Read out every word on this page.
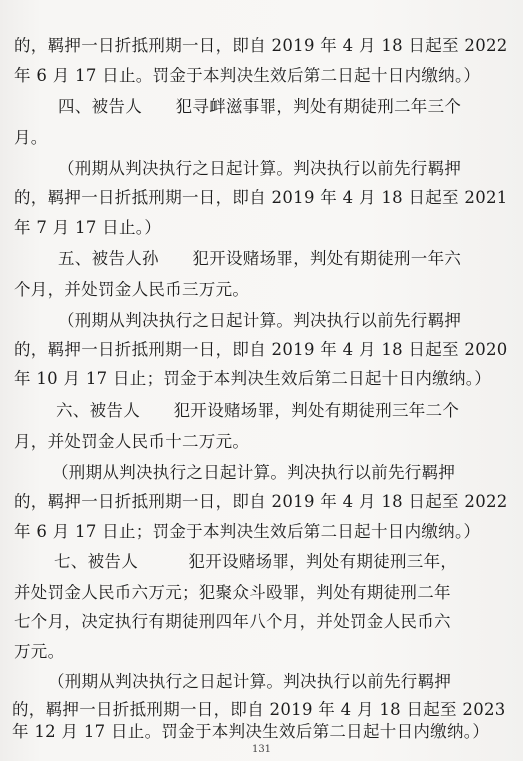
的，羁押一日折抵刑期一日，即自 2019 年 4 月 18 日起至 2022
年 6 月 17 日止。罚金于本判决生效后第二日起十日内缴纳。）
四、被告人　　犯寻衅滋事罪，判处有期徒刑二年三个
月。
（刑期从判决执行之日起计算。判决执行以前先行羁押
的，羁押一日折抵刑期一日，即自 2019 年 4 月 18 日起至 2021
年 7 月 17 日止。）
五、被告人孙　　犯开设赌场罪，判处有期徒刑一年六
个月，并处罚金人民币三万元。
（刑期从判决执行之日起计算。判决执行以前先行羁押
的，羁押一日折抵刑期一日，即自 2019 年 4 月 18 日起至 2020
年 10 月 17 日止；罚金于本判决生效后第二日起十日内缴纳。）
六、被告人　　犯开设赌场罪，判处有期徒刑三年二个
月，并处罚金人民币十二万元。
（刑期从判决执行之日起计算。判决执行以前先行羁押
的，羁押一日折抵刑期一日，即自 2019 年 4 月 18 日起至 2022
年 6 月 17 日止；罚金于本判决生效后第二日起十日内缴纳。）
七、被告人　　　犯开设赌场罪，判处有期徒刑三年，
并处罚金人民币六万元；犯聚众斗殴罪，判处有期徒刑二年
七个月，决定执行有期徒刑四年八个月，并处罚金人民币六
万元。
（刑期从判决执行之日起计算。判决执行以前先行羁押
的，羁押一日折抵刑期一日，即自 2019 年 4 月 18 日起至 2023
年 12 月 17 日止。罚金于本判决生效后第二日起十日内缴纳。）
131
